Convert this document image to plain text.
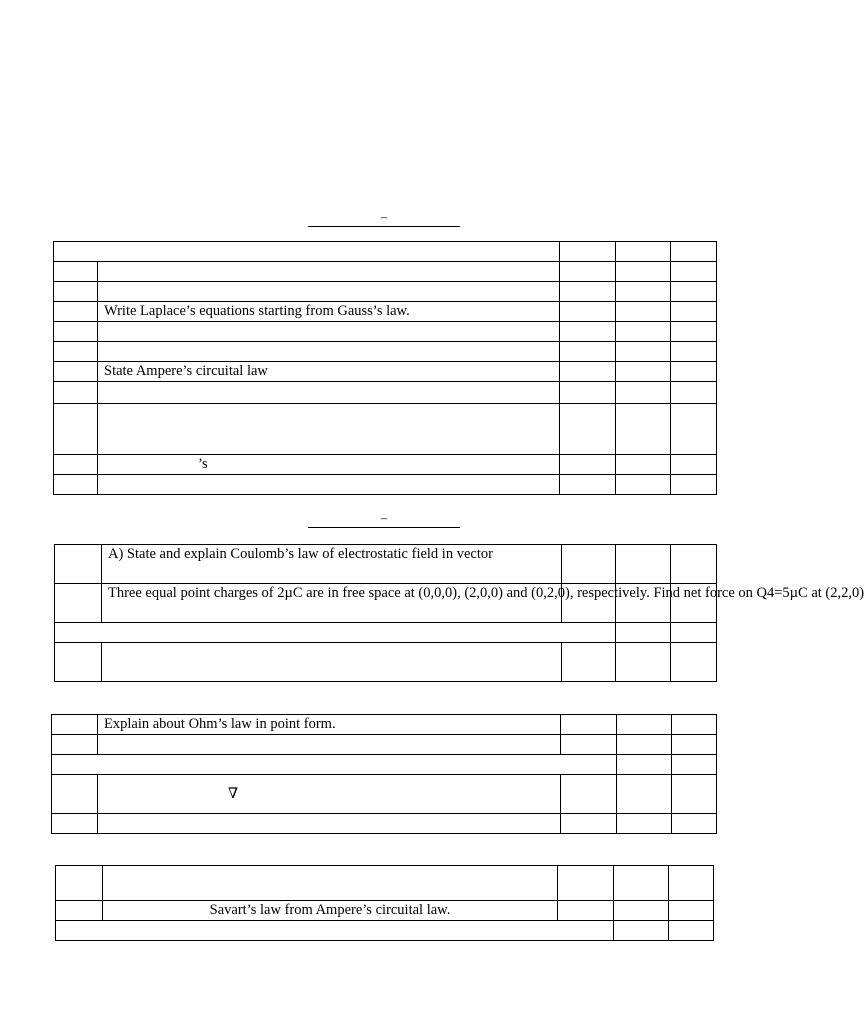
–

	Write Laplace’s equations starting from Gauss’s law.			

	State Ampere’s circuital law			

	’s			

–
	A) State and explain Coulomb’s law of electrostatic field in vector			
	Three equal point charges of 2µC are in free space at (0,0,0), (2,0,0) and (0,2,0), respectively. Find net force on Q4=5µC at (2,2,0)			

	Explain about Ohm’s law in point form.			

	∇			

	Savart’s law from Ampere’s circuital law.			
